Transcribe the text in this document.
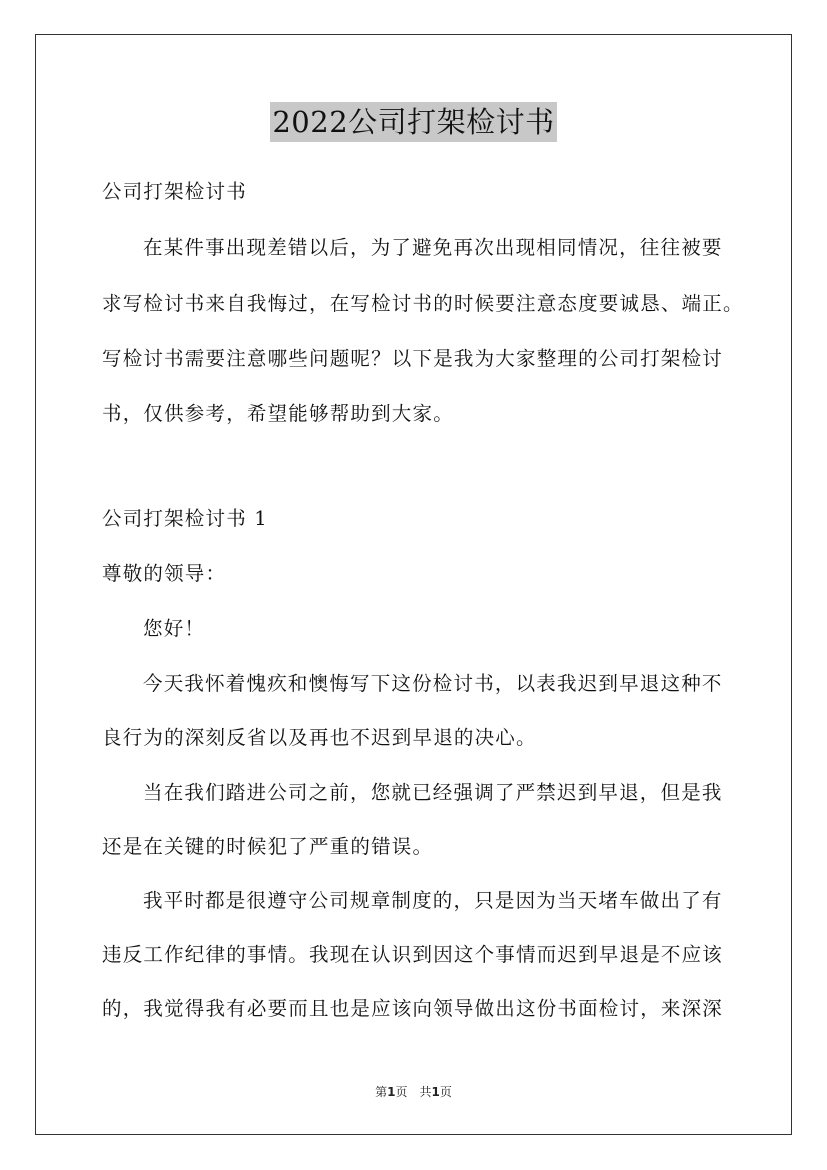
2022公司打架检讨书
公司打架检讨书
在某件事出现差错以后，为了避免再次出现相同情况，往往被要
求写检讨书来自我悔过，在写检讨书的时候要注意态度要诚恳、端正。
写检讨书需要注意哪些问题呢？以下是我为大家整理的公司打架检讨
书，仅供参考，希望能够帮助到大家。
公司打架检讨书 1
尊敬的领导：
您好！
今天我怀着愧疚和懊悔写下这份检讨书，以表我迟到早退这种不
良行为的深刻反省以及再也不迟到早退的决心。
当在我们踏进公司之前，您就已经强调了严禁迟到早退，但是我
还是在关键的时候犯了严重的错误。
我平时都是很遵守公司规章制度的，只是因为当天堵车做出了有
违反工作纪律的事情。我现在认识到因这个事情而迟到早退是不应该
的，我觉得我有必要而且也是应该向领导做出这份书面检讨，来深深
第1页 共1页
